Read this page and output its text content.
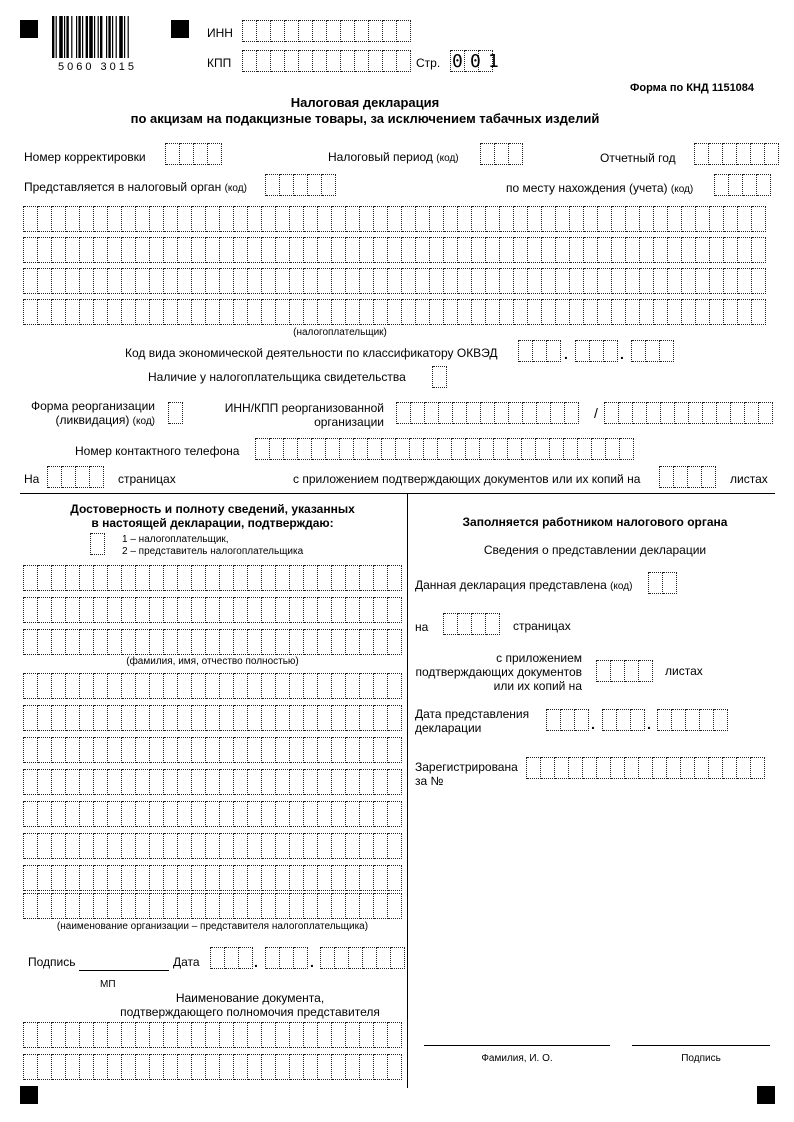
5060 3015
ИНН
КПП	Стр. 0 0 1
Форма по КНД 1151084
Налоговая декларация
по акцизам на подакцизные товары, за исключением табачных изделий
Номер корректировки	Налоговый период (код)	Отчетный год
Представляется в налоговый орган (код)	по месту нахождения (учета) (код)
(налогоплательщик)
Код вида экономической деятельности по классификатору ОКВЭД	.	.
Наличие у налогоплательщика свидетельства
Форма реорганизации
(ликвидация) (код)
ИНН/КПП реорганизованной
организации
/
Номер контактного телефона
На	страницах	с приложением подтверждающих документов или их копий на	листах
Достоверность и полноту сведений, указанных
в настоящей декларации, подтверждаю:
1 – налогоплательщик,
2 – представитель налогоплательщика
(фамилия, имя, отчество полностью)
(наименование организации – представителя налогоплательщика)
Подпись	Дата	.	.
МП
Наименование документа,
подтверждающего полномочия представителя
Заполняется работником налогового органа
Сведения о представлении декларации
Данная декларация представлена (код)
на	страницах
с приложением
подтверждающих документов
или их копий на
листах
Дата представления
декларации	.	.
Зарегистрирована
за №
Фамилия, И. О.	Подпись
